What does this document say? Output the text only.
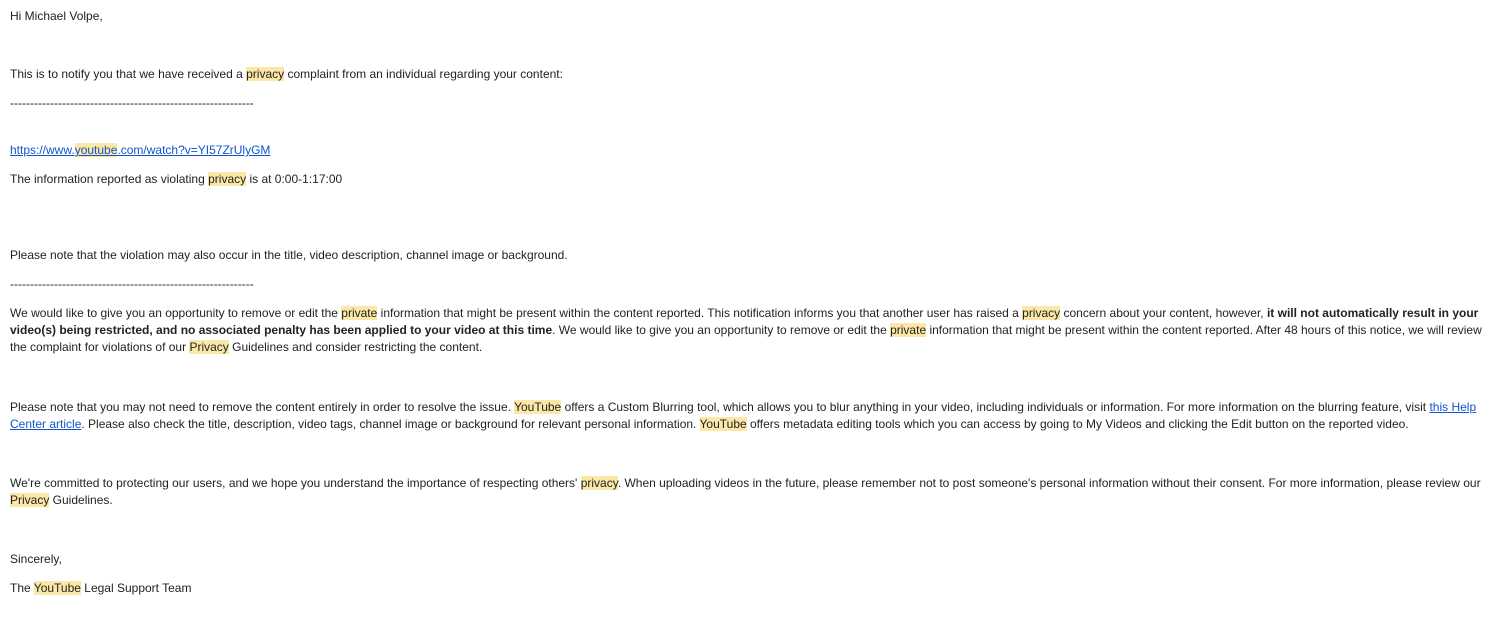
Hi Michael Volpe,

This is to notify you that we have received a privacy complaint from an individual regarding your content:

-------------------------------------------------------------

https://www.youtube.com/watch?v=YI57ZrUlyGM

The information reported as violating privacy is at 0:00-1:17:00

Please note that the violation may also occur in the title, video description, channel image or background.

-------------------------------------------------------------

We would like to give you an opportunity to remove or edit the private information that might be present within the content reported. This notification informs you that another user has raised a privacy concern about your content, however, it will not automatically result in your video(s) being restricted, and no associated penalty has been applied to your video at this time. We would like to give you an opportunity to remove or edit the private information that might be present within the content reported. After 48 hours of this notice, we will review the complaint for violations of our Privacy Guidelines and consider restricting the content.

Please note that you may not need to remove the content entirely in order to resolve the issue. YouTube offers a Custom Blurring tool, which allows you to blur anything in your video, including individuals or information. For more information on the blurring feature, visit this Help Center article. Please also check the title, description, video tags, channel image or background for relevant personal information. YouTube offers metadata editing tools which you can access by going to My Videos and clicking the Edit button on the reported video.

We're committed to protecting our users, and we hope you understand the importance of respecting others' privacy. When uploading videos in the future, please remember not to post someone's personal information without their consent. For more information, please review our Privacy Guidelines.

Sincerely,

The YouTube Legal Support Team
